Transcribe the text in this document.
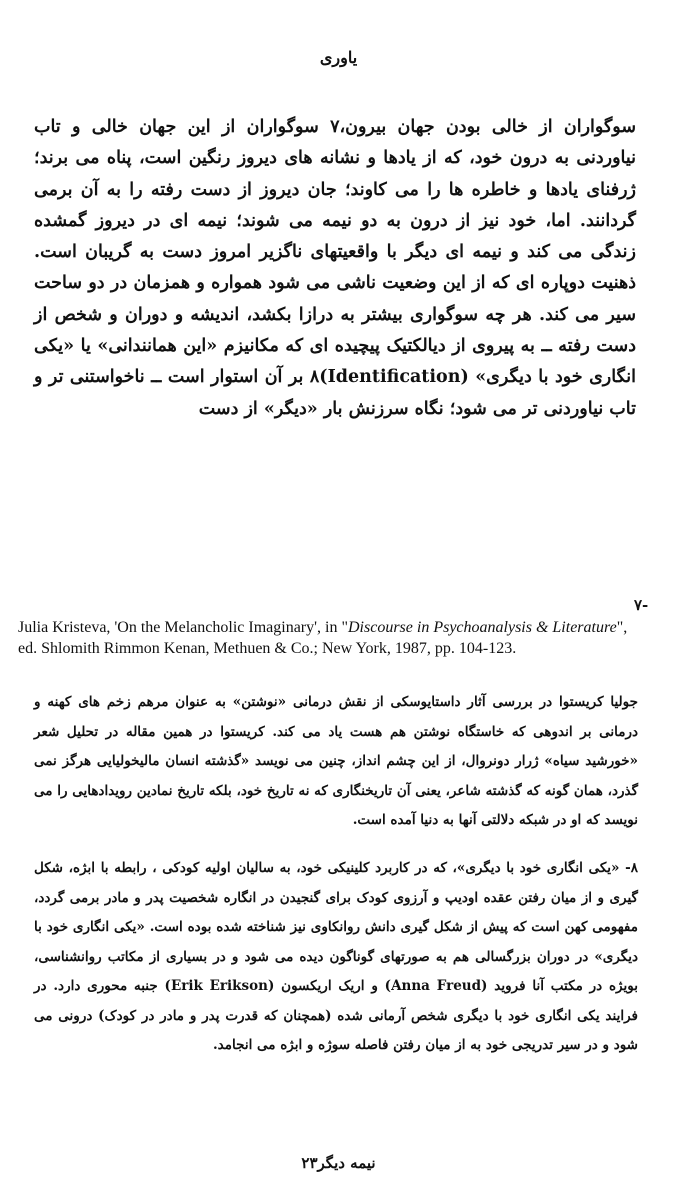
یاوری

سوگواران از خالی بودن جهان بیرون،۷ سوگواران از این جهان خالی و تاب نیاوردنی به درون خود، که از یادها و نشانه های دیروز رنگین است، پناه می برند؛ ژرفنای یادها و خاطره ها را می کاوند؛ جان دیروز از دست رفته را به آن برمی گردانند. اما، خود نیز از درون به دو نیمه می شوند؛ نیمه ای در دیروز گمشده زندگی می کند و نیمه ای دیگر با واقعیتهای ناگزیر امروز دست به گریبان است. ذهنیت دوپاره ای که از این وضعیت ناشی می شود همواره و همزمان در دو ساحت سیر می کند. هر چه سوگواری بیشتر به درازا بکشد، اندیشه و دوران و شخص از دست رفته ــ به پیروی از دیالکتیک پیچیده ای که مکانیزم «این همانندانی» یا «یکی انگاری خود با دیگری» (Identification)۸ بر آن استوار است ــ ناخواستنی تر و تاب نیاوردنی تر می شود؛ نگاه سرزنش بار «دیگر» از دست

۷-
Julia Kristeva, 'On the Melancholic Imaginary', in "Discourse in Psychoanalysis & Literature", ed. Shlomith Rimmon Kenan, Methuen & Co.; New York, 1987, pp. 104-123.
جولیا کریستوا در بررسی آثار داستایوسکی از نقش درمانی «نوشتن» به عنوان مرهم زخم های کهنه و درمانی بر اندوهی که خاستگاه نوشتن هم هست یاد می کند. کریستوا در همین مقاله در تحلیل شعر «خورشید سیاه» ژرار دونروال، از این چشم انداز، چنین می نویسد «گذشته انسان مالیخولیایی هرگز نمی گذرد، همان گونه که گذشته شاعر، یعنی آن تاریخنگاری که نه تاریخ خود، بلکه تاریخ نمادین رویدادهایی را می نویسد که او در شبکه دلالتی آنها به دنیا آمده است.
۸- «یکی انگاری خود با دیگری»، که در کاربرد کلینیکی خود، به سالیان اولیه کودکی ، رابطه با ابژه، شکل گیری و از میان رفتن عقده اودیپ و آرزوی کودک برای گنجیدن در انگاره شخصیت پدر و مادر برمی گردد، مفهومی کهن است که پیش از شکل گیری دانش روانکاوی نیز شناخته شده بوده است. «یکی انگاری خود با دیگری» در دوران بزرگسالی هم به صورتهای گوناگون دیده می شود و در بسیاری از مکاتب روانشناسی، بویژه در مکتب آنا فروید (Anna Freud) و اریک اریکسون (Erik Erikson) جنبه محوری دارد. در فرایند یکی انگاری خود با دیگری شخص آرمانی شده (همچنان که قدرت پدر و مادر در کودک) درونی می شود و در سیر تدریجی خود به از میان رفتن فاصله سوژه و ابژه می انجامد.
نیمه دیگر۲۳
